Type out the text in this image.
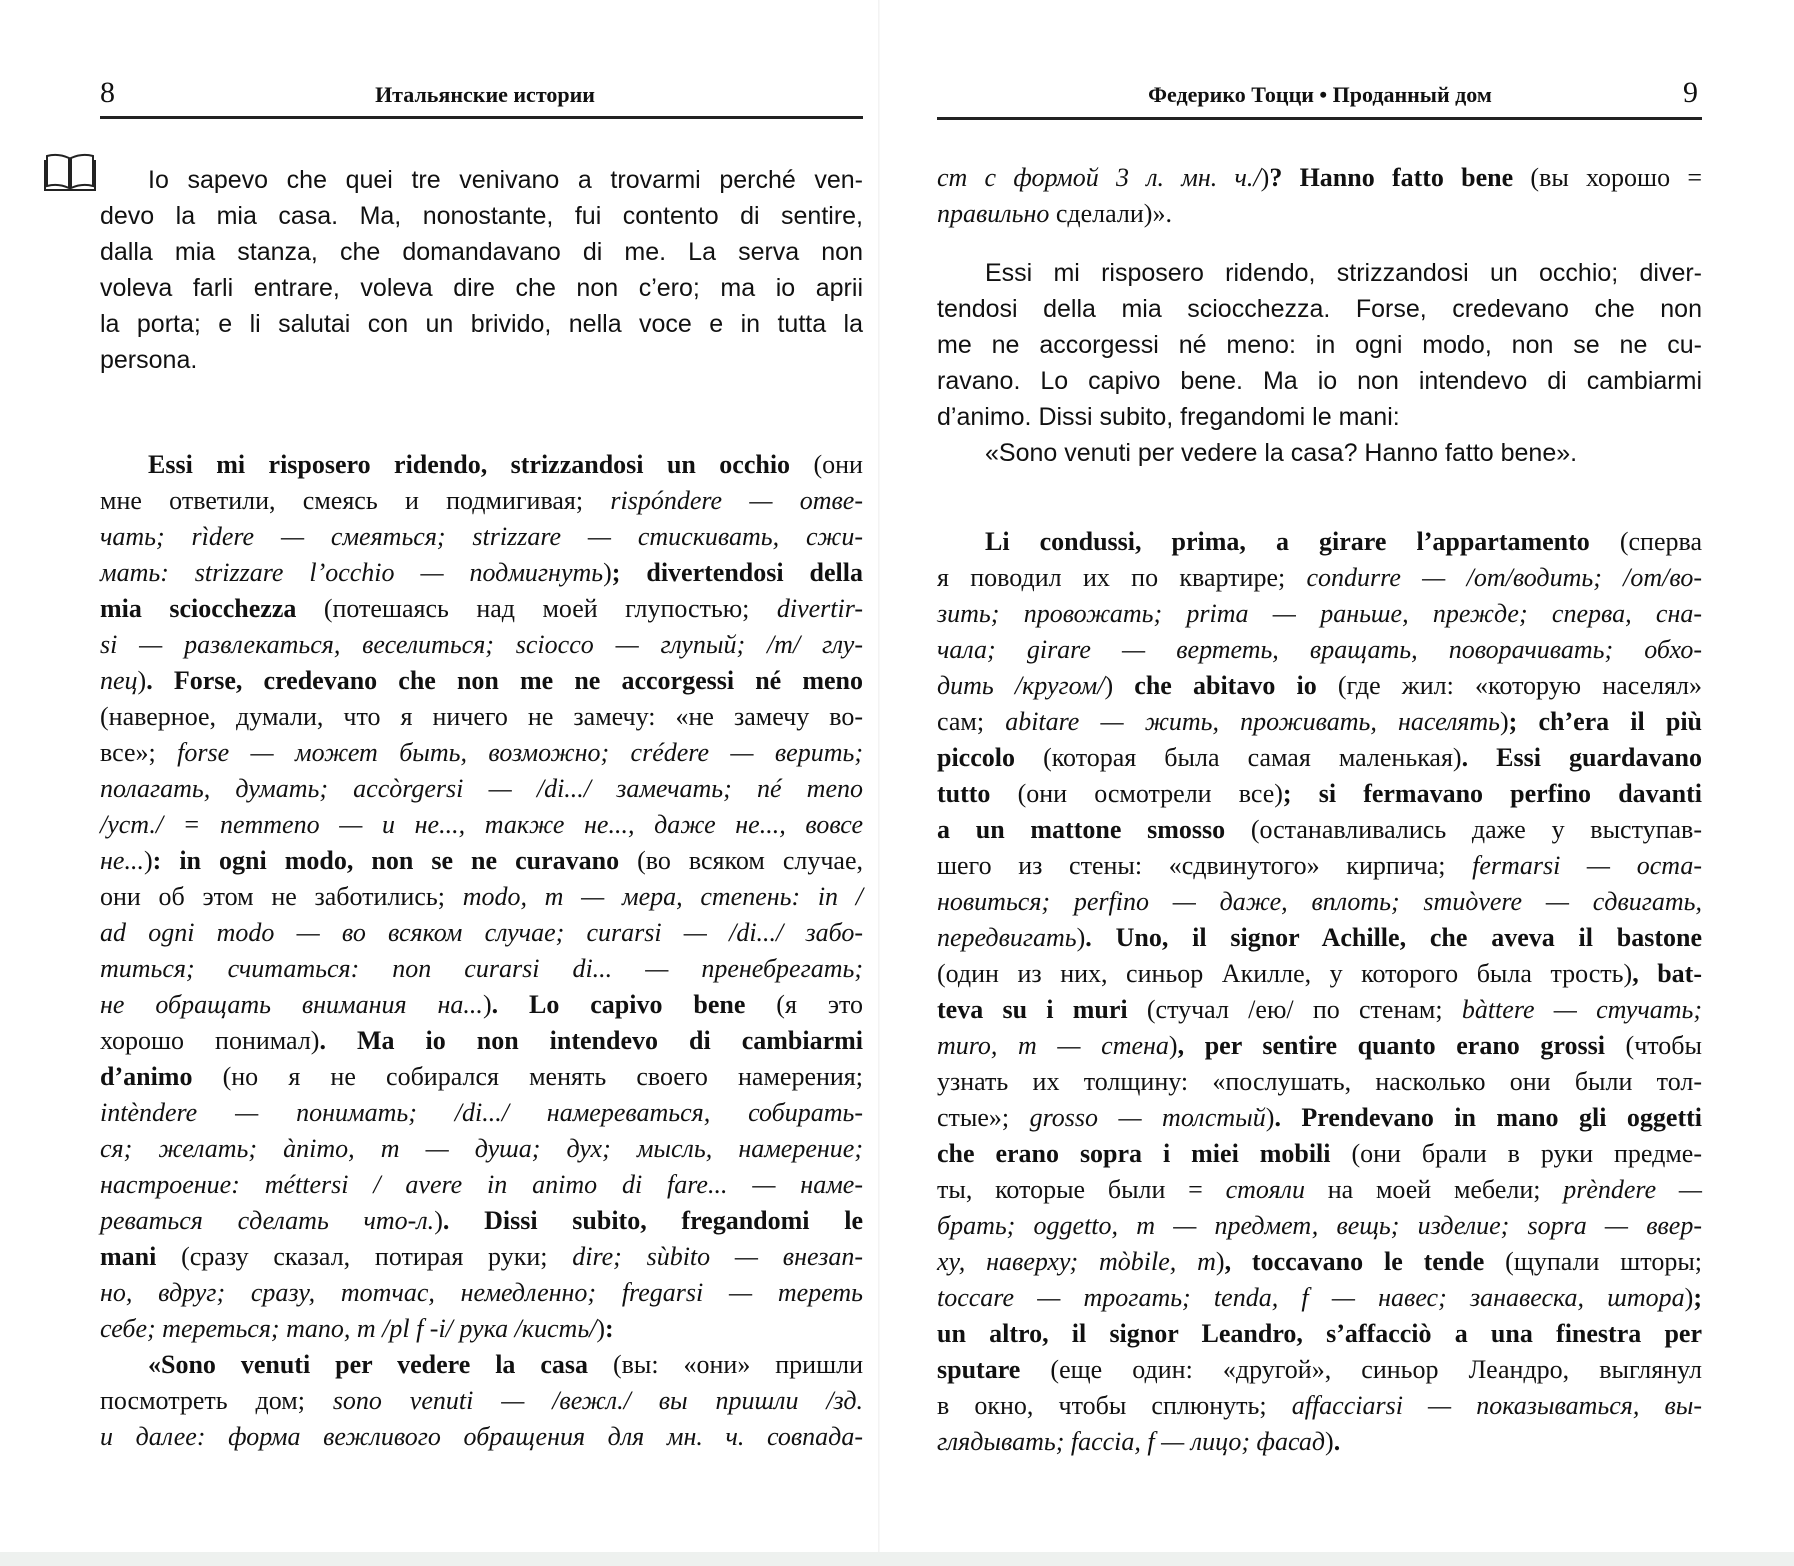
8	Итальянские истории
Io sapevo che quei tre venivano a trovarmi perché ven-
devo la mia casa. Ma, nonostante, fui contento di sentire,
dalla mia stanza, che domandavano di me. La serva non
voleva farli entrare, voleva dire che non c’ero; ma io aprii
la porta; e li salutai con un brivido, nella voce e in tutta la
persona.
Essi mi risposero ridendo, strizzandosi un occhio (они
мне ответили, смеясь и подмигивая; rispóndere — отве-
чать; rìdere — смеяться; strizzare — стискивать, сжи-
мать: strizzare l’occhio — подмигнуть); divertendosi della
mia sciocchezza (потешаясь над моей глупостью; divertir-
si — развлекаться, веселиться; sciocco — глупый; /m/ глу-
пец). Forse, credevano che non me ne accorgessi né meno
(наверное, думали, что я ничего не замечу: «не замечу во-
все»; forse — может быть, возможно; crédere — верить;
полагать, думать; accòrgersi — /di.../ замечать; né meno
/уст./ = nemmeno — и не..., также не..., даже не..., вовсе
не...): in ogni modo, non se ne curavano (во всяком случае,
они об этом не заботились; modo, m — мера, степень: in /
ad ogni modo — во всяком случае; curarsi — /di.../ забо-
титься; считаться: non curarsi di... — пренебрегать;
не обращать внимания на...). Lo capivo bene (я это
хорошо понимал). Ma io non intendevo di cambiarmi
d’animo (но я не собирался менять своего намерения;
intèndere — понимать; /di.../ намереваться, собирать-
ся; желать; ànimo, m — душа; дух; мысль, намерение;
настроение: méttersi / avere in animo di fare... — наме-
реваться сделать что-л.). Dissi subito, fregandomi le
mani (сразу сказал, потирая руки; dire; sùbito — внезап-
но, вдруг; сразу, тотчас, немедленно; fregarsi — тереть
себе; тереться; mano, m /pl f -i/ рука /кисть/):
«Sono venuti per vedere la casa (вы: «они» пришли
посмотреть дом; sono venuti — /вежл./ вы пришли /зд.
и далее: форма вежливого обращения для мн. ч. совпада-
Федерико Тоцци • Проданный дом	9
ст с формой 3 л. мн. ч./)? Hanno fatto bene (вы хорошо =
правильно сделали)».
Essi mi risposero ridendo, strizzandosi un occhio; diver-
tendosi della mia sciocchezza. Forse, credevano che non
me ne accorgessi né meno: in ogni modo, non se ne cu-
ravano. Lo capivo bene. Ma io non intendevo di cambiarmi
d’animo. Dissi subito, fregandomi le mani:
«Sono venuti per vedere la casa? Hanno fatto bene».
Li condussi, prima, a girare l’appartamento (сперва
я поводил их по квартире; condurre — /от/водить; /от/во-
зить; провожать; prima — раньше, прежде; сперва, сна-
чала; girare — вертеть, вращать, поворачивать; обхо-
дить /кругом/) che abitavo io (где жил: «которую населял»
сам; abitare — жить, проживать, населять); ch’era il più
piccolo (которая была самая маленькая). Essi guardavano
tutto (они осмотрели все); si fermavano perfino davanti
a un mattone smosso (останавливались даже у выступав-
шего из стены: «сдвинутого» кирпича; fermarsi — оста-
новиться; perfino — даже, вплоть; smuòvere — сдвигать,
передвигать). Uno, il signor Achille, che aveva il bastone
(один из них, синьор Акилле, у которого была трость), bat-
teva su i muri (стучал /ею/ по стенам; bàttere — стучать;
muro, m — стена), per sentire quanto erano grossi (чтобы
узнать их толщину: «послушать, насколько они были тол-
стые»; grosso — толстый). Prendevano in mano gli oggetti
che erano sopra i miei mobili (они брали в руки предме-
ты, которые были = стояли на моей мебели; prèndere —
брать; oggetto, m — предмет, вещь; изделие; sopra — ввер-
ху, наверху; mòbile, m), toccavano le tende (щупали шторы;
toccare — трогать; tenda, f — навес; занавеска, штора);
un altro, il signor Leandro, s’affacciò a una finestra per
sputare (еще один: «другой», синьор Леандро, выглянул
в окно, чтобы сплюнуть; affacciarsi — показываться, вы-
глядывать; faccia, f — лицо; фасад).
